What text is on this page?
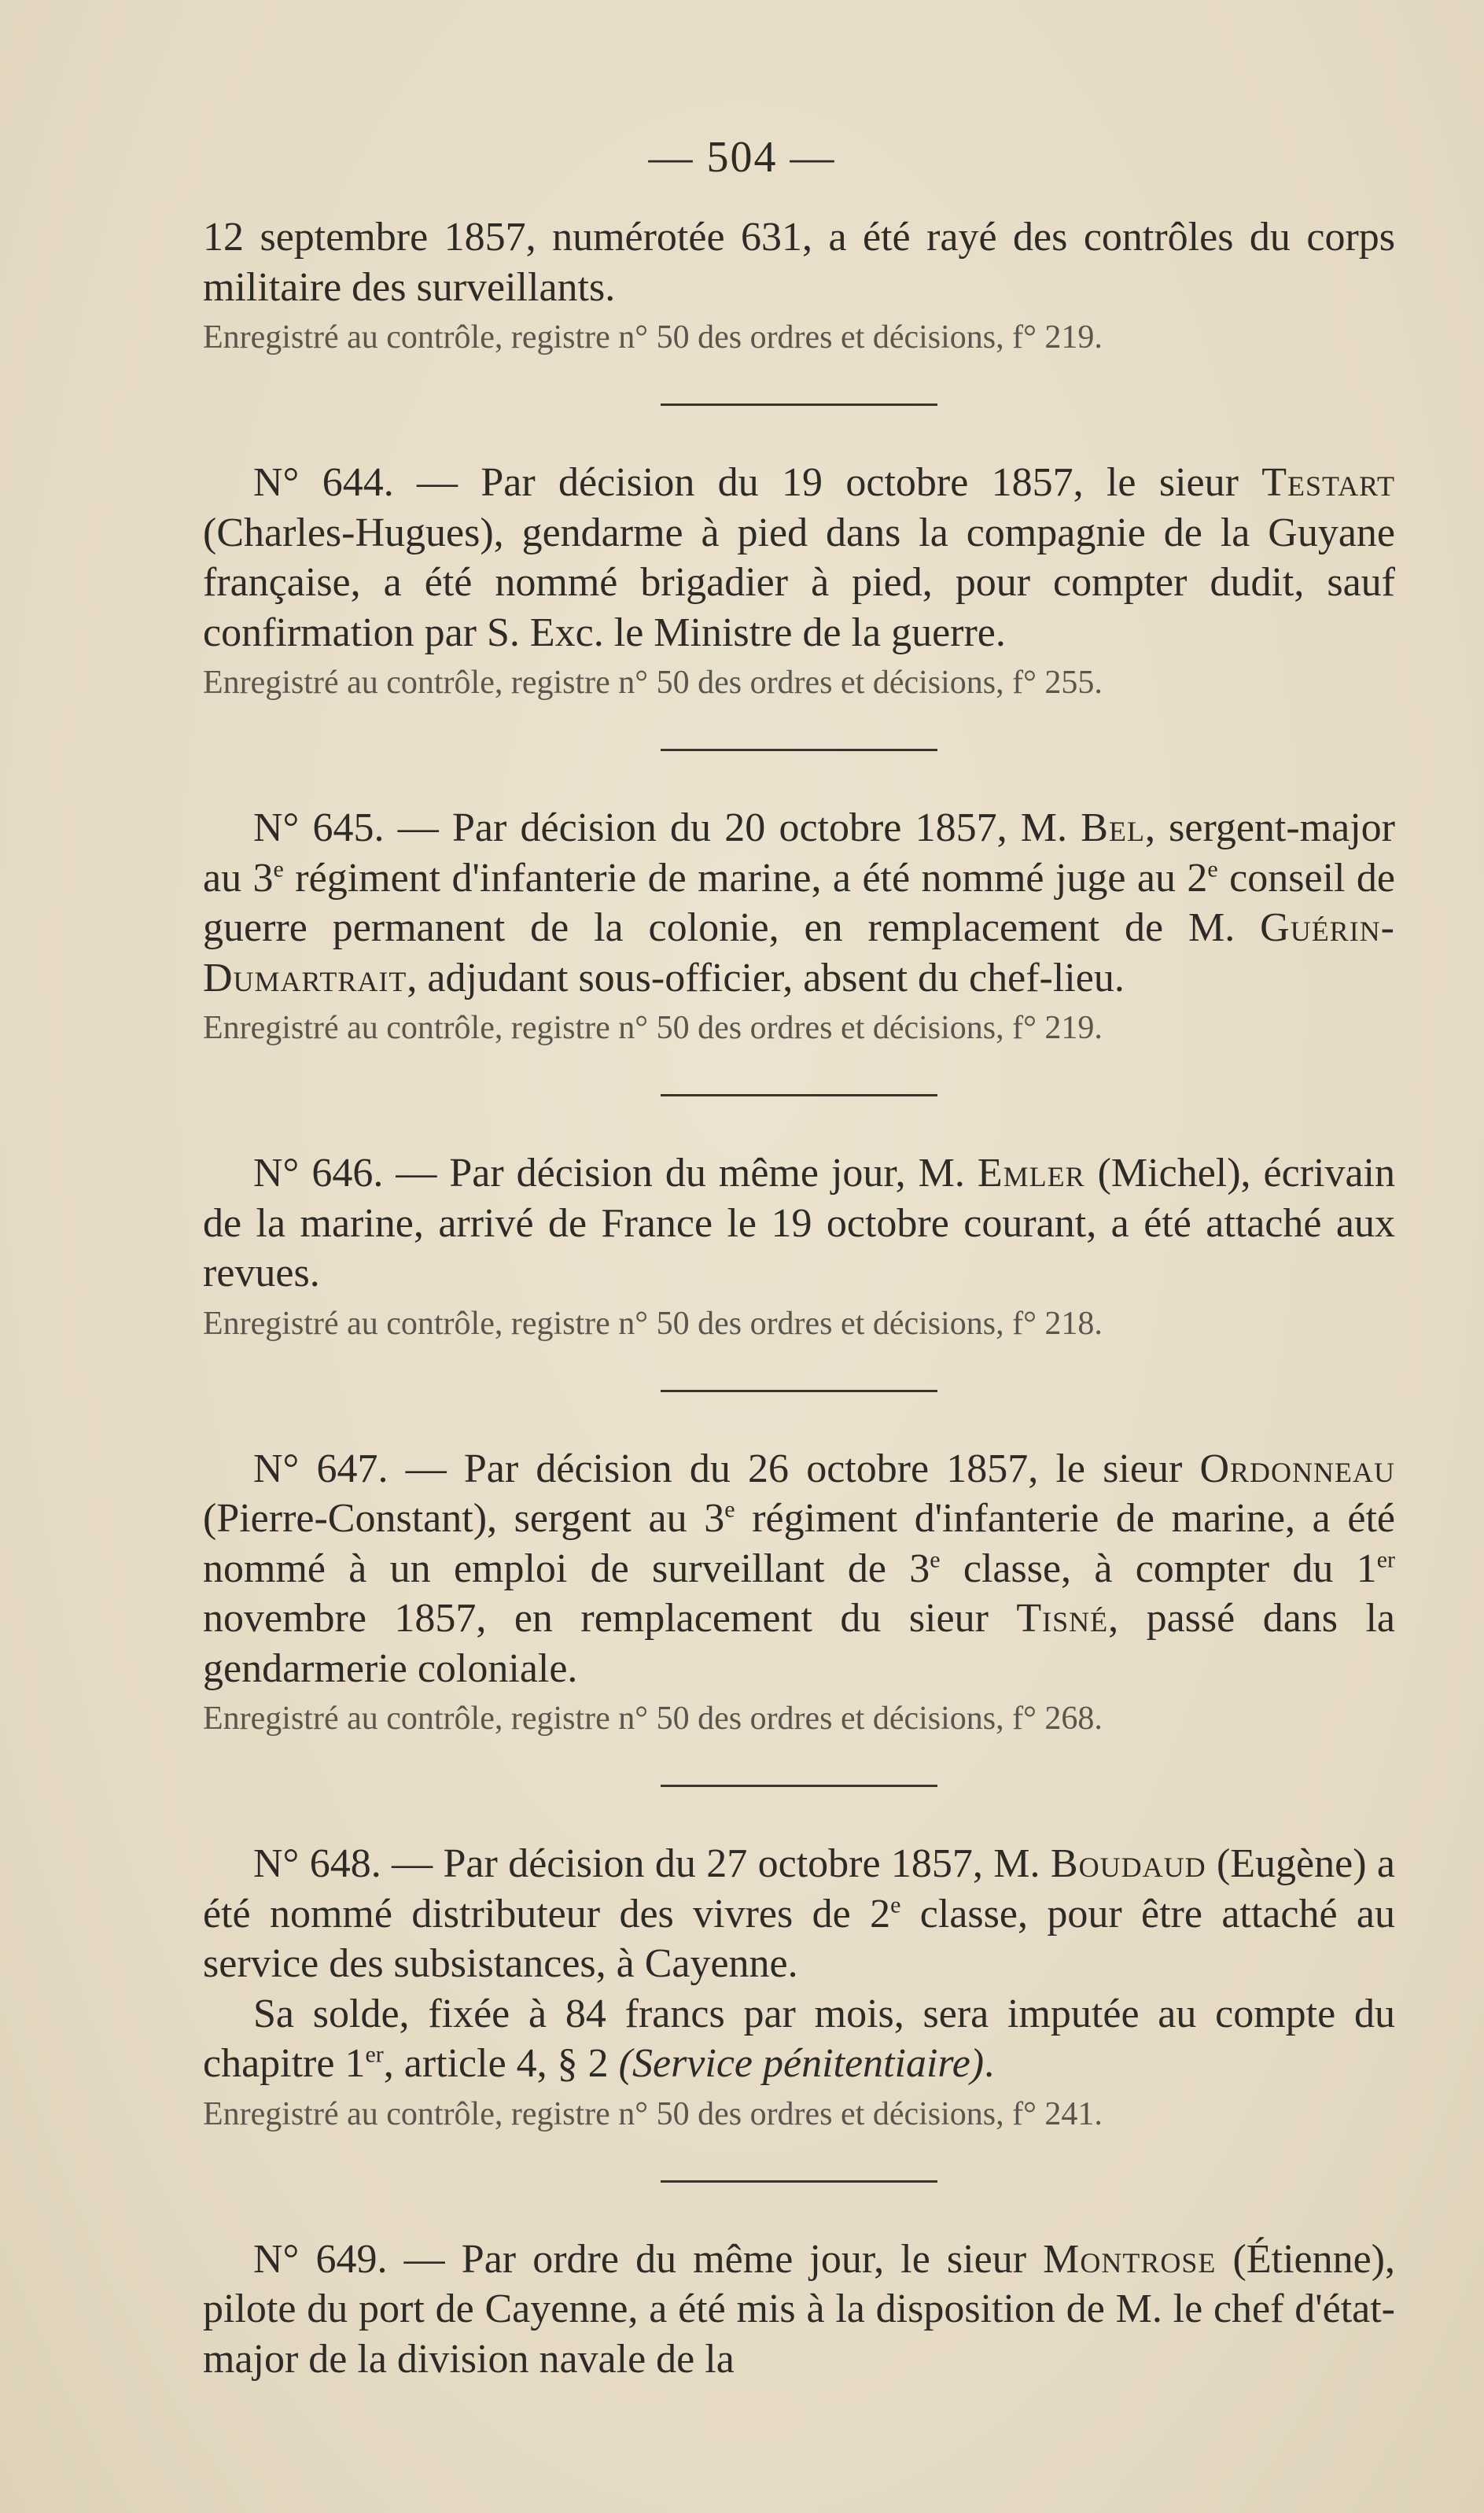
— 504 —

12 septembre 1857, numérotée 631, a été rayé des contrôles du corps militaire des surveillants.

Enregistré au contrôle, registre n° 50 des ordres et décisions, f° 219.

N° 644. — Par décision du 19 octobre 1857, le sieur Testart (Charles-Hugues), gendarme à pied dans la compagnie de la Guyane française, a été nommé brigadier à pied, pour compter dudit, sauf confirmation par S. Exc. le Ministre de la guerre.

Enregistré au contrôle, registre n° 50 des ordres et décisions, f° 255.

N° 645. — Par décision du 20 octobre 1857, M. Bel, sergent-major au 3e régiment d'infanterie de marine, a été nommé juge au 2e conseil de guerre permanent de la colonie, en remplacement de M. Guérin-Dumartrait, adjudant sous-officier, absent du chef-lieu.

Enregistré au contrôle, registre n° 50 des ordres et décisions, f° 219.

N° 646. — Par décision du même jour, M. Emler (Michel), écrivain de la marine, arrivé de France le 19 octobre courant, a été attaché aux revues.

Enregistré au contrôle, registre n° 50 des ordres et décisions, f° 218.

N° 647. — Par décision du 26 octobre 1857, le sieur Ordonneau (Pierre-Constant), sergent au 3e régiment d'infanterie de marine, a été nommé à un emploi de surveillant de 3e classe, à compter du 1er novembre 1857, en remplacement du sieur Tisné, passé dans la gendarmerie coloniale.

Enregistré au contrôle, registre n° 50 des ordres et décisions, f° 268.

N° 648. — Par décision du 27 octobre 1857, M. Boudaud (Eugène) a été nommé distributeur des vivres de 2e classe, pour être attaché au service des subsistances, à Cayenne.

Sa solde, fixée à 84 francs par mois, sera imputée au compte du chapitre 1er, article 4, § 2 (Service pénitentiaire).

Enregistré au contrôle, registre n° 50 des ordres et décisions, f° 241.

N° 649. — Par ordre du même jour, le sieur Montrose (Étienne), pilote du port de Cayenne, a été mis à la disposition de M. le chef d'état-major de la division navale de la
